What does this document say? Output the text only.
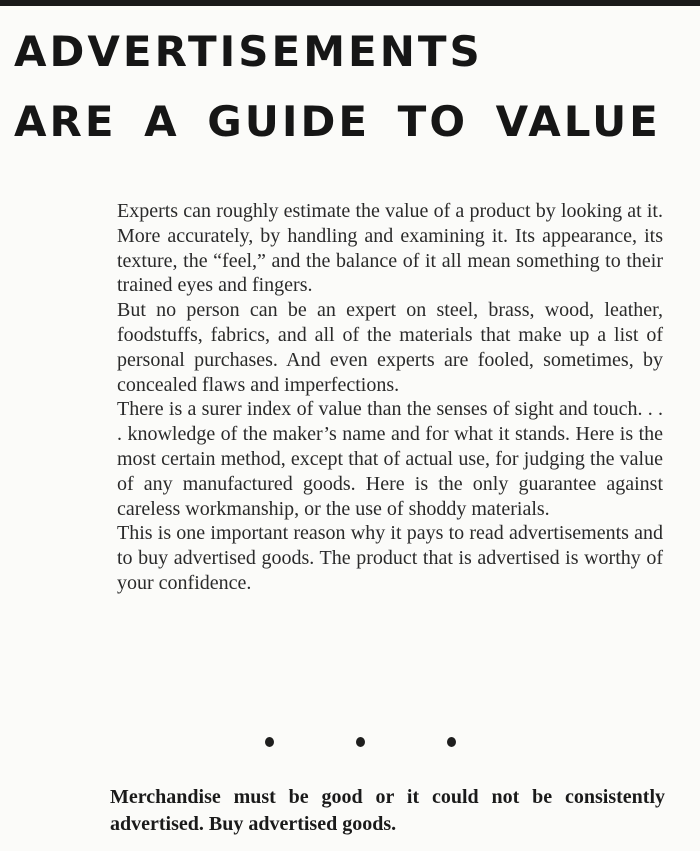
ADVERTISEMENTS
ARE A GUIDE TO VALUE

Experts can roughly estimate the value of a product by looking at it. More accurately, by handling and examining it. Its appearance, its texture, the “feel,” and the balance of it all mean something to their trained eyes and fingers.

But no person can be an expert on steel, brass, wood, leather, foodstuffs, fabrics, and all of the materials that make up a list of personal purchases. And even experts are fooled, sometimes, by concealed flaws and imperfections.

There is a surer index of value than the senses of sight and touch. . . . knowledge of the maker’s name and for what it stands. Here is the most certain method, except that of actual use, for judging the value of any manufactured goods. Here is the only guarantee against careless workmanship, or the use of shoddy materials.

This is one important reason why it pays to read advertisements and to buy advertised goods. The product that is advertised is worthy of your confidence.

Merchandise must be good or it could not be consistently advertised. Buy advertised goods.
